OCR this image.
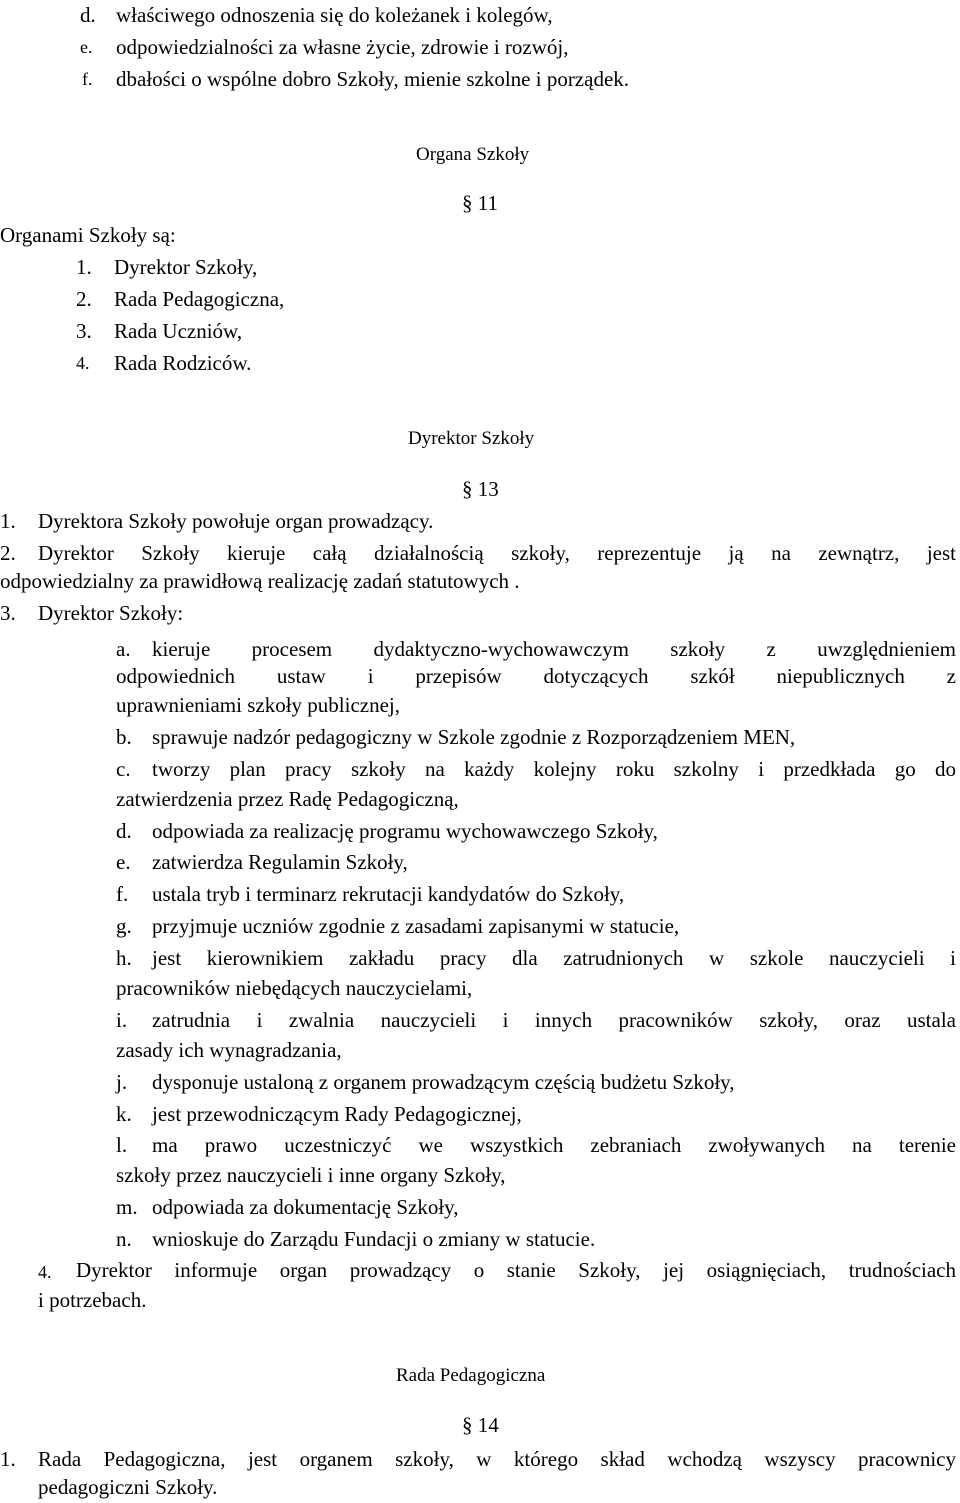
d. właściwego odnoszenia się do koleżanek i kolegów,
e. odpowiedzialności za własne życie, zdrowie i rozwój,
f. dbałości o wspólne dobro Szkoły, mienie szkolne i porządek.
Organa Szkoły
§ 11
Organami Szkoły są:
1. Dyrektor Szkoły,
2. Rada Pedagogiczna,
3. Rada Uczniów,
4. Rada Rodziców.
Dyrektor Szkoły
§ 13
1. Dyrektora Szkoły powołuje organ prowadzący.
2. Dyrektor Szkoły kieruje całą działalnością szkoły, reprezentuje ją na zewnątrz, jest
odpowiedzialny za prawidłową realizację zadań statutowych .
3. Dyrektor Szkoły:
a. kieruje procesem dydaktyczno-wychowawczym szkoły z uwzględnieniem
odpowiednich ustaw i przepisów dotyczących szkół niepublicznych z
uprawnieniami szkoły publicznej,
b. sprawuje nadzór pedagogiczny w Szkole zgodnie z Rozporządzeniem MEN,
c. tworzy plan pracy szkoły na każdy kolejny roku szkolny i przedkłada go do
zatwierdzenia przez Radę Pedagogiczną,
d. odpowiada za realizację programu wychowawczego Szkoły,
e. zatwierdza Regulamin Szkoły,
f. ustala tryb i terminarz rekrutacji kandydatów do Szkoły,
g. przyjmuje uczniów zgodnie z zasadami zapisanymi w statucie,
h. jest kierownikiem zakładu pracy dla zatrudnionych w szkole nauczycieli i
pracowników niebędących nauczycielami,
i. zatrudnia i zwalnia nauczycieli i innych pracowników szkoły, oraz ustala
zasady ich wynagradzania,
j. dysponuje ustaloną z organem prowadzącym częścią budżetu Szkoły,
k. jest przewodniczącym Rady Pedagogicznej,
l. ma prawo uczestniczyć we wszystkich zebraniach zwoływanych na terenie
szkoły przez nauczycieli i inne organy Szkoły,
m. odpowiada za dokumentację Szkoły,
n. wnioskuje do Zarządu Fundacji o zmiany w statucie.
4. Dyrektor informuje organ prowadzący o stanie Szkoły, jej osiągnięciach, trudnościach
i potrzebach.
Rada Pedagogiczna
§ 14
1. Rada Pedagogiczna, jest organem szkoły, w którego skład wchodzą wszyscy pracownicy
pedagogiczni Szkoły.
